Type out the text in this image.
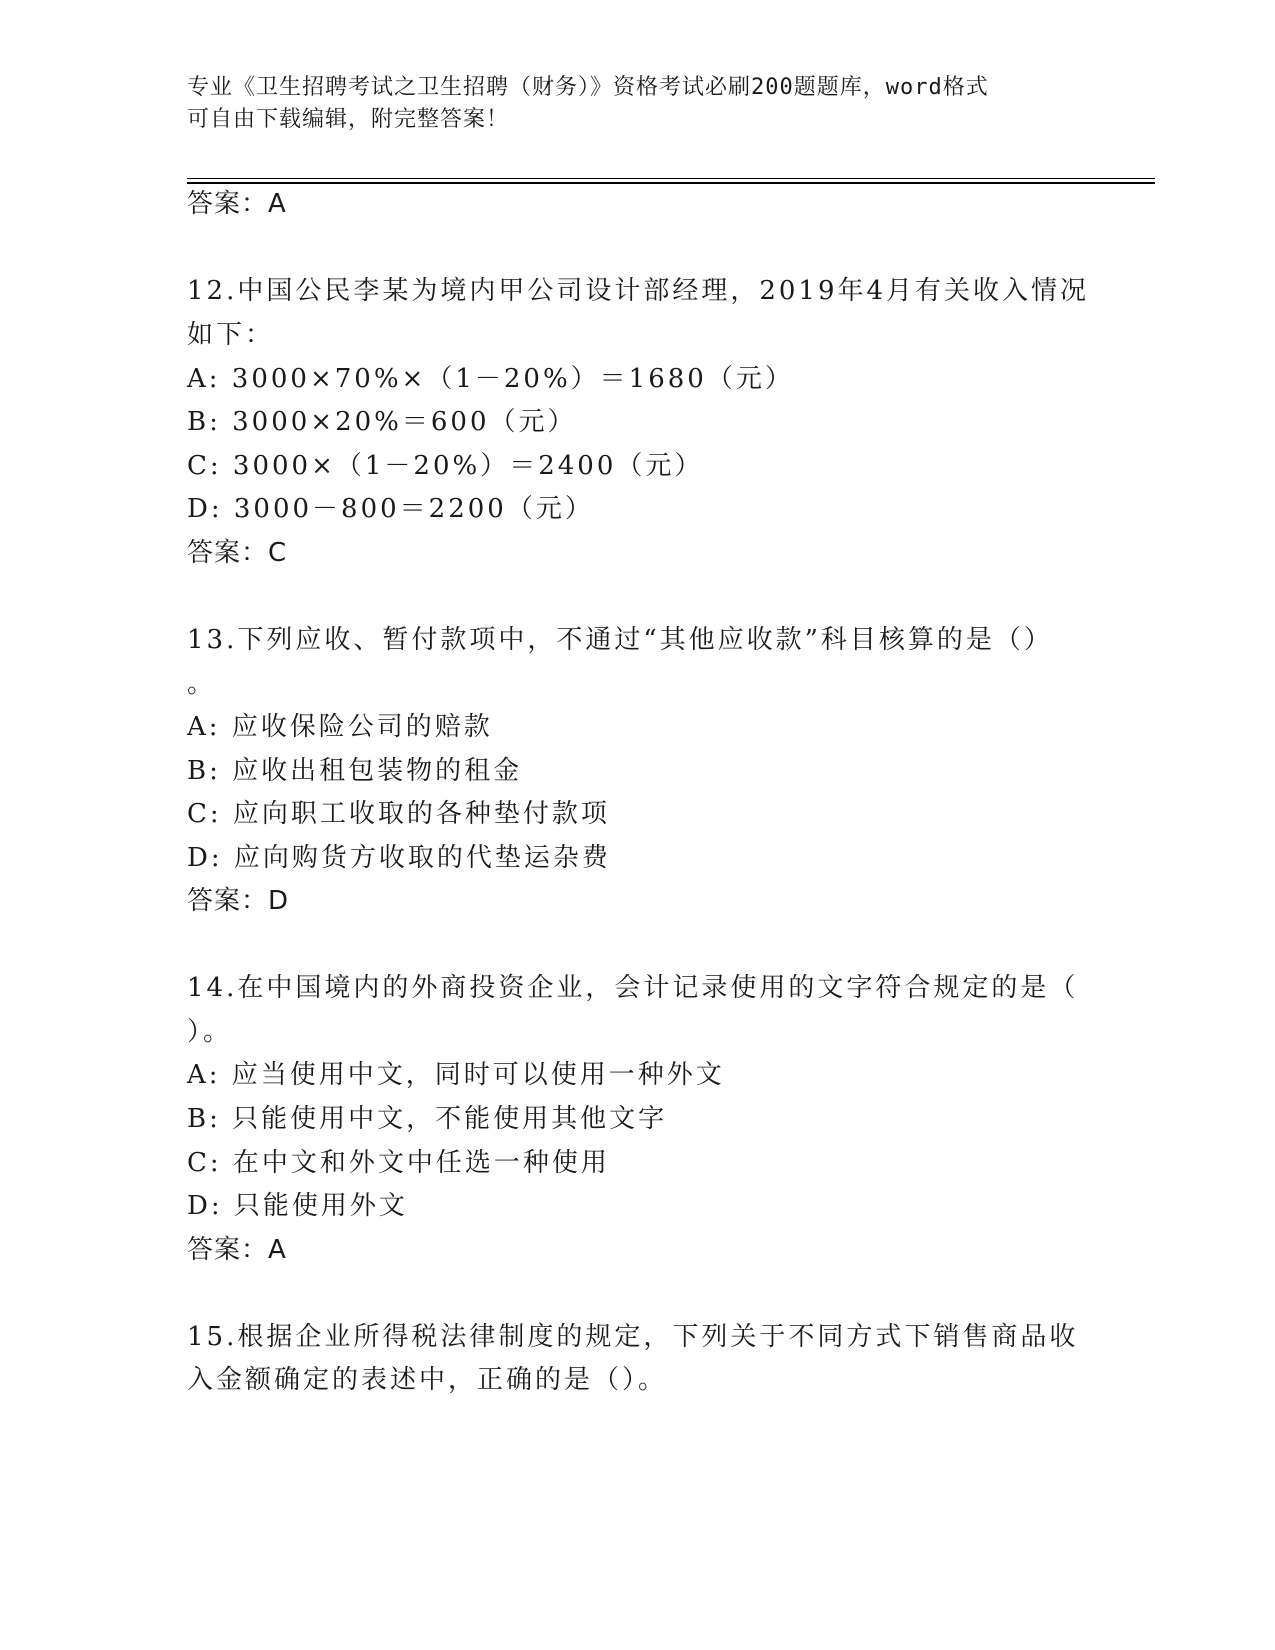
专业《卫生招聘考试之卫生招聘（财务）》资格考试必刷200题题库，word格式
可自由下载编辑，附完整答案！
答案：A
12.中国公民李某为境内甲公司设计部经理，2019年4月有关收入情况
如下：
A: 3000×70%×（1－20%）＝1680（元）
B: 3000×20%＝600（元）
C: 3000×（1－20%）＝2400（元）
D: 3000－800＝2200（元）
答案：C
13.下列应收、暂付款项中，不通过“其他应收款”科目核算的是（）
。
A: 应收保险公司的赔款
B: 应收出租包装物的租金
C: 应向职工收取的各种垫付款项
D: 应向购货方收取的代垫运杂费
答案：D
14.在中国境内的外商投资企业，会计记录使用的文字符合规定的是（
）。
A: 应当使用中文，同时可以使用一种外文
B: 只能使用中文，不能使用其他文字
C: 在中文和外文中任选一种使用
D: 只能使用外文
答案：A
15.根据企业所得税法律制度的规定，下列关于不同方式下销售商品收
入金额确定的表述中，正确的是（）。
